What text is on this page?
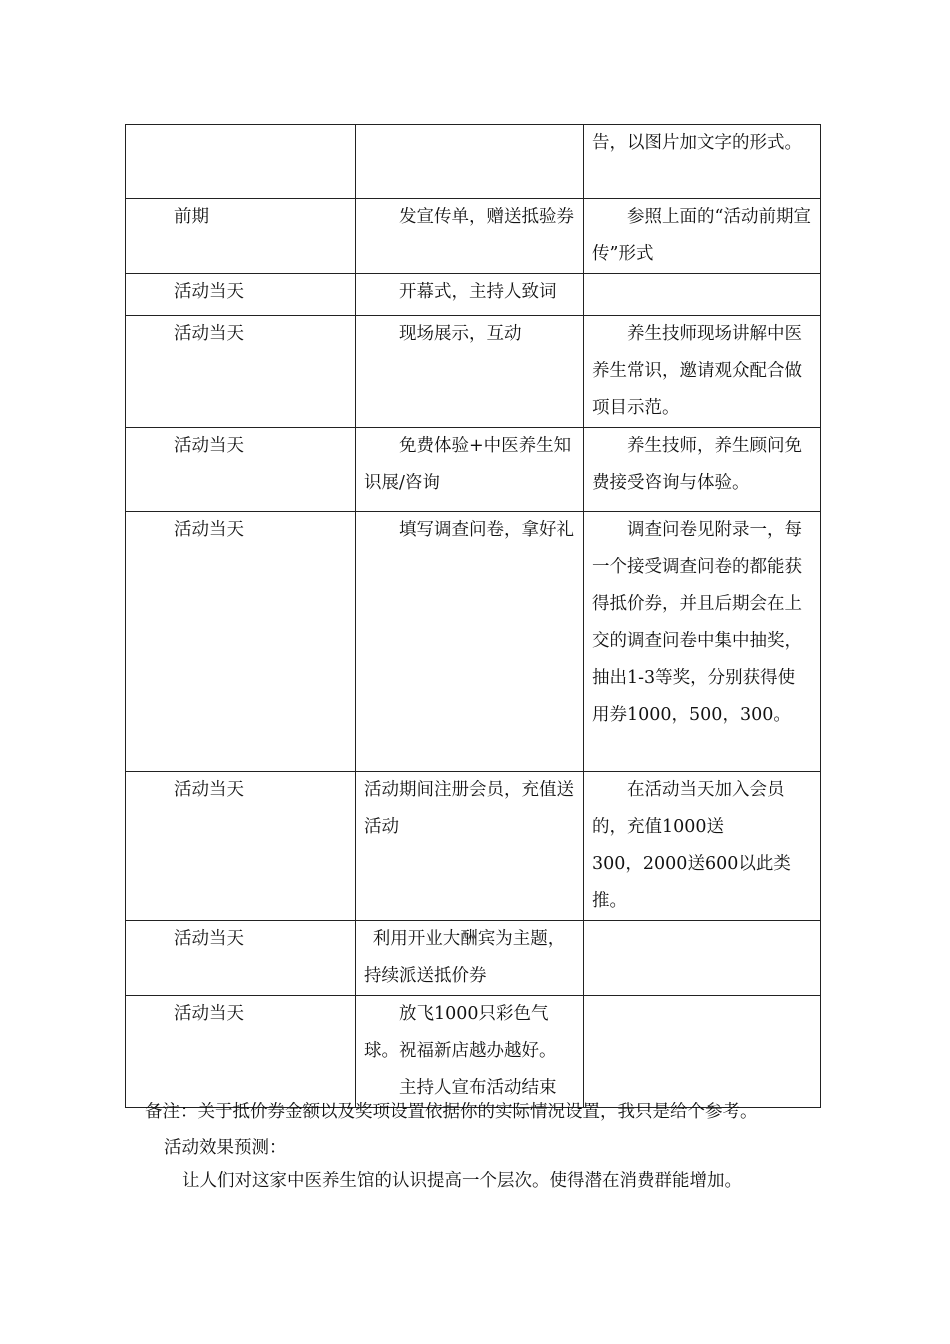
		告，以图片加文字的形式。
前期	发宣传单，赠送抵验券	参照上面的“活动前期宣传”形式

活动当天	开幕式，主持人致词	

活动当天	现场展示，互动	养生技师现场讲解中医养生常识，邀请观众配合做项目示范。

活动当天	免费体验+中医养生知识展/咨询	养生技师，养生顾问免费接受咨询与体验。

活动当天	填写调查问卷，拿好礼	调查问卷见附录一，每一个接受调查问卷的都能获得抵价券，并且后期会在上交的调查问卷中集中抽奖，抽出1-3等奖，分别获得使用券1000，500，300。

活动当天	活动期间注册会员，充值送活动	在活动当天加入会员的，充值1000送
300，2000送600以此类推。

活动当天	利用开业大酬宾为主题，持续派送抵价券	

活动当天	放飞1000只彩色气球。祝福新店越办越好。
主持人宣布活动结束	

备注：关于抵价券金额以及奖项设置依据你的实际情况设置，我只是给个参考。
活动效果预测：
让人们对这家中医养生馆的认识提高一个层次。使得潜在消费群能增加。
